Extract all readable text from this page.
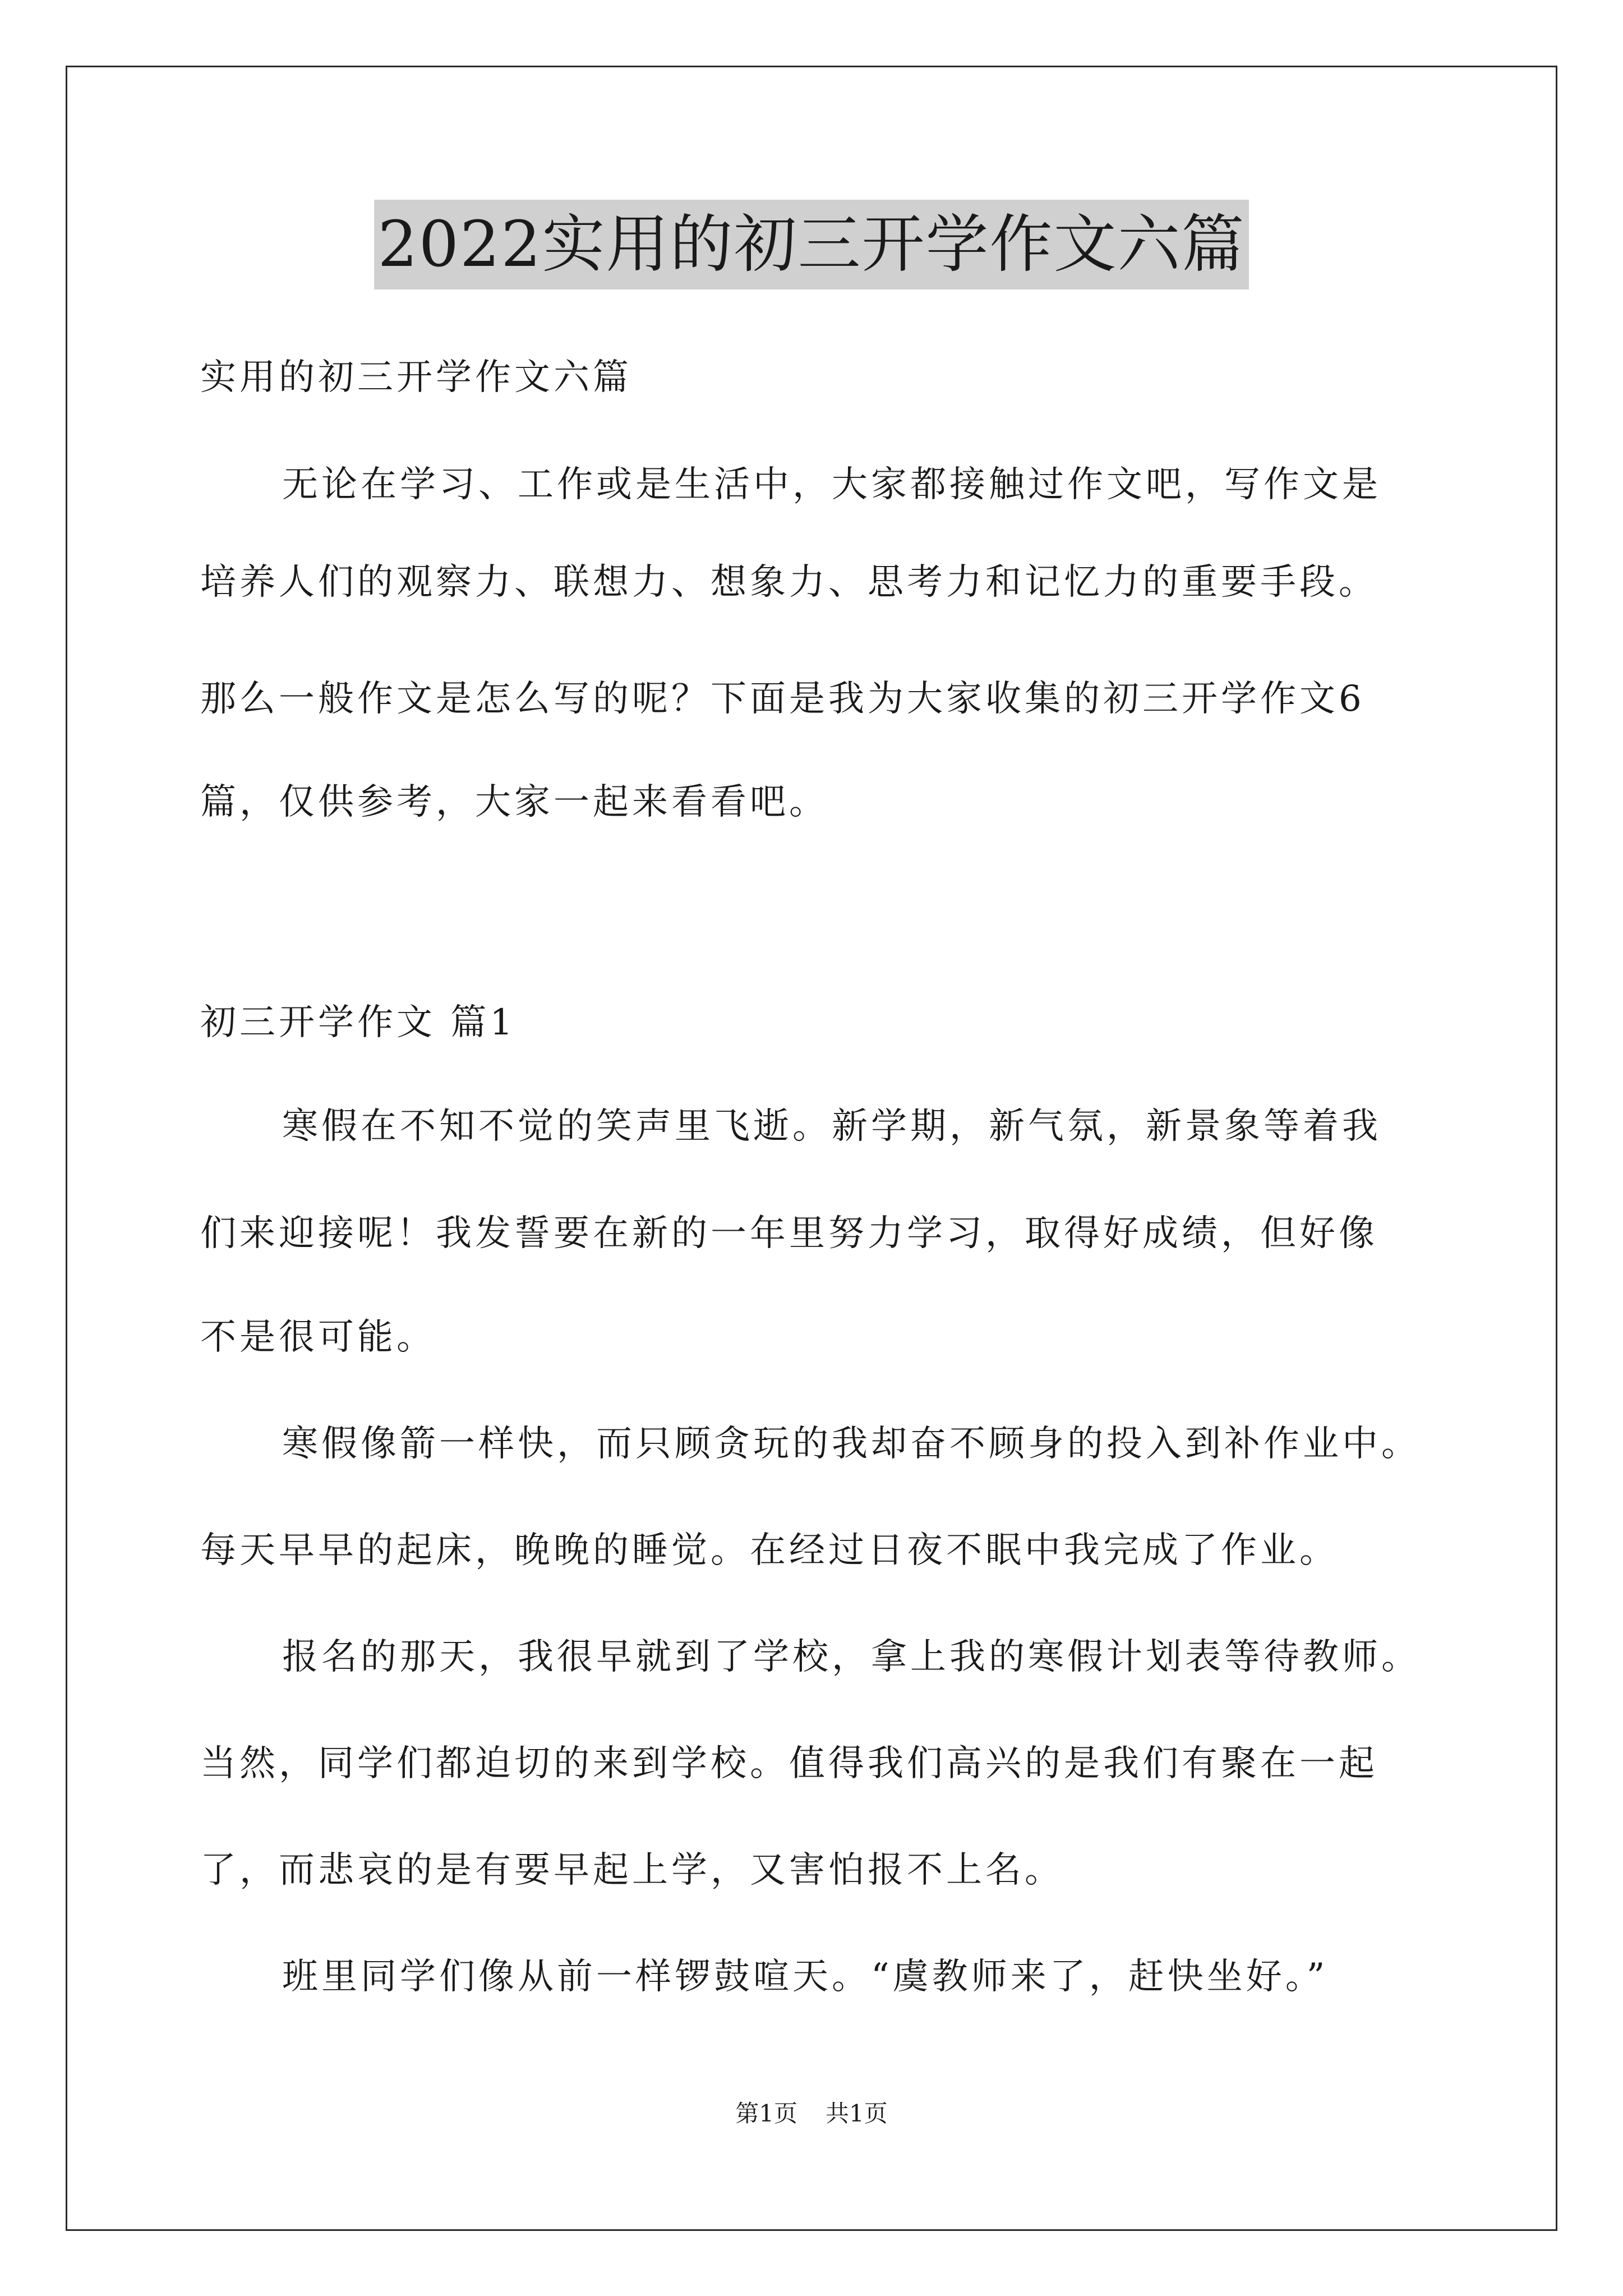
2022实用的初三开学作文六篇
实用的初三开学作文六篇
无论在学习、工作或是生活中，大家都接触过作文吧，写作文是
培养人们的观察力、联想力、想象力、思考力和记忆力的重要手段。
那么一般作文是怎么写的呢？下面是我为大家收集的初三开学作文6
篇，仅供参考，大家一起来看看吧。
初三开学作文 篇1
寒假在不知不觉的笑声里飞逝。新学期，新气氛，新景象等着我
们来迎接呢！我发誓要在新的一年里努力学习，取得好成绩，但好像
不是很可能。
寒假像箭一样快，而只顾贪玩的我却奋不顾身的投入到补作业中。
每天早早的起床，晚晚的睡觉。在经过日夜不眠中我完成了作业。
报名的那天，我很早就到了学校，拿上我的寒假计划表等待教师。
当然，同学们都迫切的来到学校。值得我们高兴的是我们有聚在一起
了，而悲哀的是有要早起上学，又害怕报不上名。
班里同学们像从前一样锣鼓喧天。“虞教师来了，赶快坐好。”
第1页 共1页
